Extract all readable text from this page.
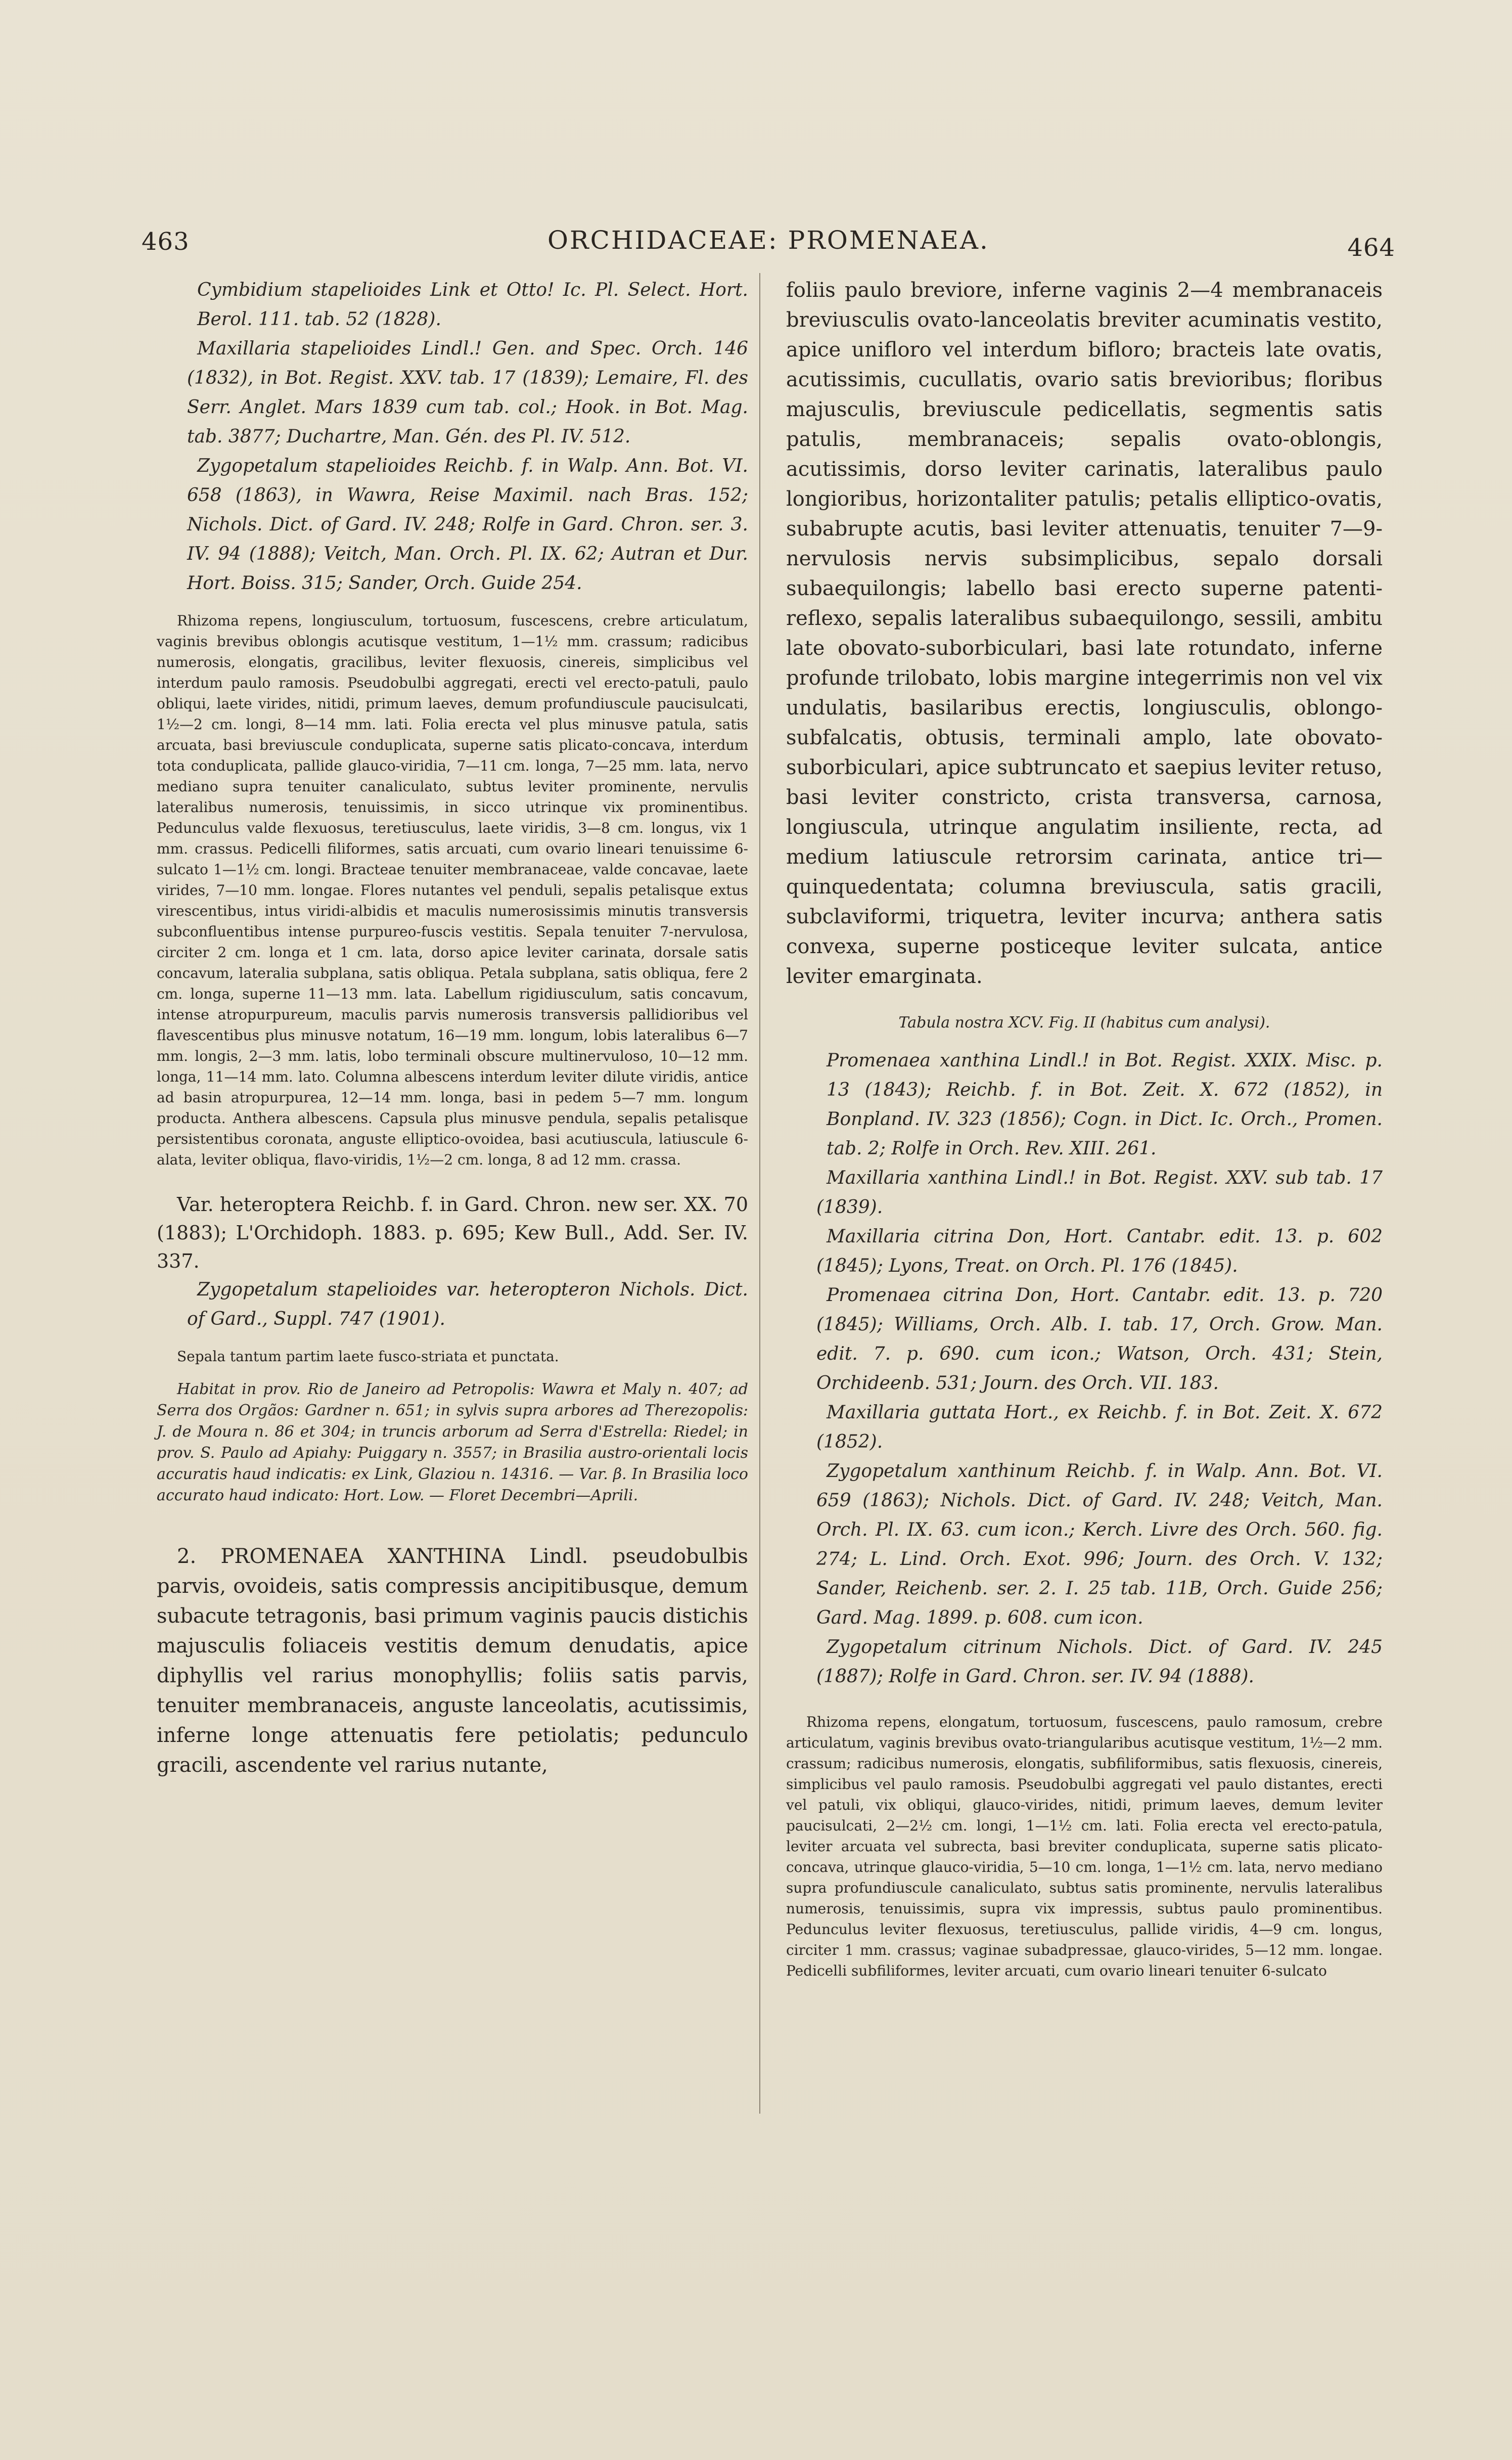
463	ORCHIDACEAE: PROMENAEA.	464

Cymbidium stapelioides Link et Otto! Ic. Pl. Select. Hort. Berol. 111. tab. 52 (1828).

Maxillaria stapelioides Lindl.! Gen. and Spec. Orch. 146 (1832), in Bot. Regist. XXV. tab. 17 (1839); Lemaire, Fl. des Serr. Anglet. Mars 1839 cum tab. col.; Hook. in Bot. Mag. tab. 3877; Duchartre, Man. Gén. des Pl. IV. 512.

Zygopetalum stapelioides Reichb. f. in Walp. Ann. Bot. VI. 658 (1863), in Wawra, Reise Maximil. nach Bras. 152; Nichols. Dict. of Gard. IV. 248; Rolfe in Gard. Chron. ser. 3. IV. 94 (1888); Veitch, Man. Orch. Pl. IX. 62; Autran et Dur. Hort. Boiss. 315; Sander, Orch. Guide 254.

Rhizoma repens, longiusculum, tortuosum, fuscescens, crebre articulatum, vaginis brevibus oblongis acutisque vestitum, 1—1½ mm. crassum; radicibus numerosis, elongatis, gracilibus, leviter flexuosis, cinereis, simplicibus vel interdum paulo ramosis. Pseudobulbi aggregati, erecti vel erecto-patuli, paulo obliqui, laete virides, nitidi, primum laeves, demum profundiuscule paucisulcati, 1½—2 cm. longi, 8—14 mm. lati. Folia erecta vel plus minusve patula, satis arcuata, basi breviuscule conduplicata, superne satis plicato-concava, interdum tota conduplicata, pallide glauco-viridia, 7—11 cm. longa, 7—25 mm. lata, nervo mediano supra tenuiter canaliculato, subtus leviter prominente, nervulis lateralibus numerosis, tenuissimis, in sicco utrinque vix prominentibus. Pedunculus valde flexuosus, teretiusculus, laete viridis, 3—8 cm. longus, vix 1 mm. crassus. Pedicelli filiformes, satis arcuati, cum ovario lineari tenuissime 6-sulcato 1—1½ cm. longi. Bracteae tenuiter membranaceae, valde concavae, laete virides, 7—10 mm. longae. Flores nutantes vel penduli, sepalis petalisque extus virescentibus, intus viridi-albidis et maculis numerosissimis minutis transversis subconfluentibus intense purpureo-fuscis vestitis. Sepala tenuiter 7-nervulosa, circiter 2 cm. longa et 1 cm. lata, dorso apice leviter carinata, dorsale satis concavum, lateralia subplana, satis obliqua. Petala subplana, satis obliqua, fere 2 cm. longa, superne 11—13 mm. lata. Labellum rigidiusculum, satis concavum, intense atropurpureum, maculis parvis numerosis transversis pallidioribus vel flavescentibus plus minusve notatum, 16—19 mm. longum, lobis lateralibus 6—7 mm. longis, 2—3 mm. latis, lobo terminali obscure multinervuloso, 10—12 mm. longa, 11—14 mm. lato. Columna albescens interdum leviter dilute viridis, antice ad basin atropurpurea, 12—14 mm. longa, basi in pedem 5—7 mm. longum producta. Anthera albescens. Capsula plus minusve pendula, sepalis petalisque persistentibus coronata, anguste elliptico-ovoidea, basi acutiuscula, latiuscule 6-alata, leviter obliqua, flavo-viridis, 1½—2 cm. longa, 8 ad 12 mm. crassa.

Var. heteroptera Reichb. f. in Gard. Chron. new ser. XX. 70 (1883); L'Orchidoph. 1883. p. 695; Kew Bull., Add. Ser. IV. 337.

Zygopetalum stapelioides var. heteropteron Nichols. Dict. of Gard., Suppl. 747 (1901).

Sepala tantum partim laete fusco-striata et punctata.

Habitat in prov. Rio de Janeiro ad Petropolis: Wawra et Maly n. 407; ad Serra dos Orgãos: Gardner n. 651; in sylvis supra arbores ad Therezopolis: J. de Moura n. 86 et 304; in truncis arborum ad Serra d'Estrella: Riedel; in prov. S. Paulo ad Apiahy: Puiggary n. 3557; in Brasilia austro-orientali locis accuratis haud indicatis: ex Link, Glaziou n. 14316. — Var. β. In Brasilia loco accurato haud indicato: Hort. Low. — Floret Decembri—Aprili.

2. PROMENAEA XANTHINA Lindl. pseudobulbis parvis, ovoideis, satis compressis ancipitibusque, demum subacute tetragonis, basi primum vaginis paucis distichis majusculis foliaceis vestitis demum denudatis, apice diphyllis vel rarius monophyllis; foliis satis parvis, tenuiter membranaceis, anguste lanceolatis, acutissimis, inferne longe attenuatis fere petiolatis; pedunculo gracili, ascendente vel rarius nutante,

foliis paulo breviore, inferne vaginis 2—4 membranaceis breviusculis ovato-lanceolatis breviter acuminatis vestito, apice unifloro vel interdum bifloro; bracteis late ovatis, acutissimis, cucullatis, ovario satis brevioribus; floribus majusculis, breviuscule pedicellatis, segmentis satis patulis, membranaceis; sepalis ovato-oblongis, acutissimis, dorso leviter carinatis, lateralibus paulo longioribus, horizontaliter patulis; petalis elliptico-ovatis, subabrupte acutis, basi leviter attenuatis, tenuiter 7—9-nervulosis nervis subsimplicibus, sepalo dorsali subaequilongis; labello basi erecto superne patenti-reflexo, sepalis lateralibus subaequilongo, sessili, ambitu late obovato-suborbiculari, basi late rotundato, inferne profunde trilobato, lobis margine integerrimis non vel vix undulatis, basilaribus erectis, longiusculis, oblongo-subfalcatis, obtusis, terminali amplo, late obovato-suborbiculari, apice subtruncato et saepius leviter retuso, basi leviter constricto, crista transversa, carnosa, longiuscula, utrinque angulatim insiliente, recta, ad medium latiuscule retrorsim carinata, antice tri—quinquedentata; columna breviuscula, satis gracili, subclaviformi, triquetra, leviter incurva; anthera satis convexa, superne posticeque leviter sulcata, antice leviter emarginata.

Tabula nostra XCV. Fig. II (habitus cum analysi).

Promenaea xanthina Lindl.! in Bot. Regist. XXIX. Misc. p. 13 (1843); Reichb. f. in Bot. Zeit. X. 672 (1852), in Bonpland. IV. 323 (1856); Cogn. in Dict. Ic. Orch., Promen. tab. 2; Rolfe in Orch. Rev. XIII. 261.

Maxillaria xanthina Lindl.! in Bot. Regist. XXV. sub tab. 17 (1839).

Maxillaria citrina Don, Hort. Cantabr. edit. 13. p. 602 (1845); Lyons, Treat. on Orch. Pl. 176 (1845).

Promenaea citrina Don, Hort. Cantabr. edit. 13. p. 720 (1845); Williams, Orch. Alb. I. tab. 17, Orch. Grow. Man. edit. 7. p. 690. cum icon.; Watson, Orch. 431; Stein, Orchideenb. 531; Journ. des Orch. VII. 183.

Maxillaria guttata Hort., ex Reichb. f. in Bot. Zeit. X. 672 (1852).

Zygopetalum xanthinum Reichb. f. in Walp. Ann. Bot. VI. 659 (1863); Nichols. Dict. of Gard. IV. 248; Veitch, Man. Orch. Pl. IX. 63. cum icon.; Kerch. Livre des Orch. 560. fig. 274; L. Lind. Orch. Exot. 996; Journ. des Orch. V. 132; Sander, Reichenb. ser. 2. I. 25 tab. 11B, Orch. Guide 256; Gard. Mag. 1899. p. 608. cum icon.

Zygopetalum citrinum Nichols. Dict. of Gard. IV. 245 (1887); Rolfe in Gard. Chron. ser. IV. 94 (1888).

Rhizoma repens, elongatum, tortuosum, fuscescens, paulo ramosum, crebre articulatum, vaginis brevibus ovato-triangularibus acutisque vestitum, 1½—2 mm. crassum; radicibus numerosis, elongatis, subfiliformibus, satis flexuosis, cinereis, simplicibus vel paulo ramosis. Pseudobulbi aggregati vel paulo distantes, erecti vel patuli, vix obliqui, glauco-virides, nitidi, primum laeves, demum leviter paucisulcati, 2—2½ cm. longi, 1—1½ cm. lati. Folia erecta vel erecto-patula, leviter arcuata vel subrecta, basi breviter conduplicata, superne satis plicato-concava, utrinque glauco-viridia, 5—10 cm. longa, 1—1½ cm. lata, nervo mediano supra profundiuscule canaliculato, subtus satis prominente, nervulis lateralibus numerosis, tenuissimis, supra vix impressis, subtus paulo prominentibus. Pedunculus leviter flexuosus, teretiusculus, pallide viridis, 4—9 cm. longus, circiter 1 mm. crassus; vaginae subadpressae, glauco-virides, 5—12 mm. longae. Pedicelli subfiliformes, leviter arcuati, cum ovario lineari tenuiter 6-sulcato
